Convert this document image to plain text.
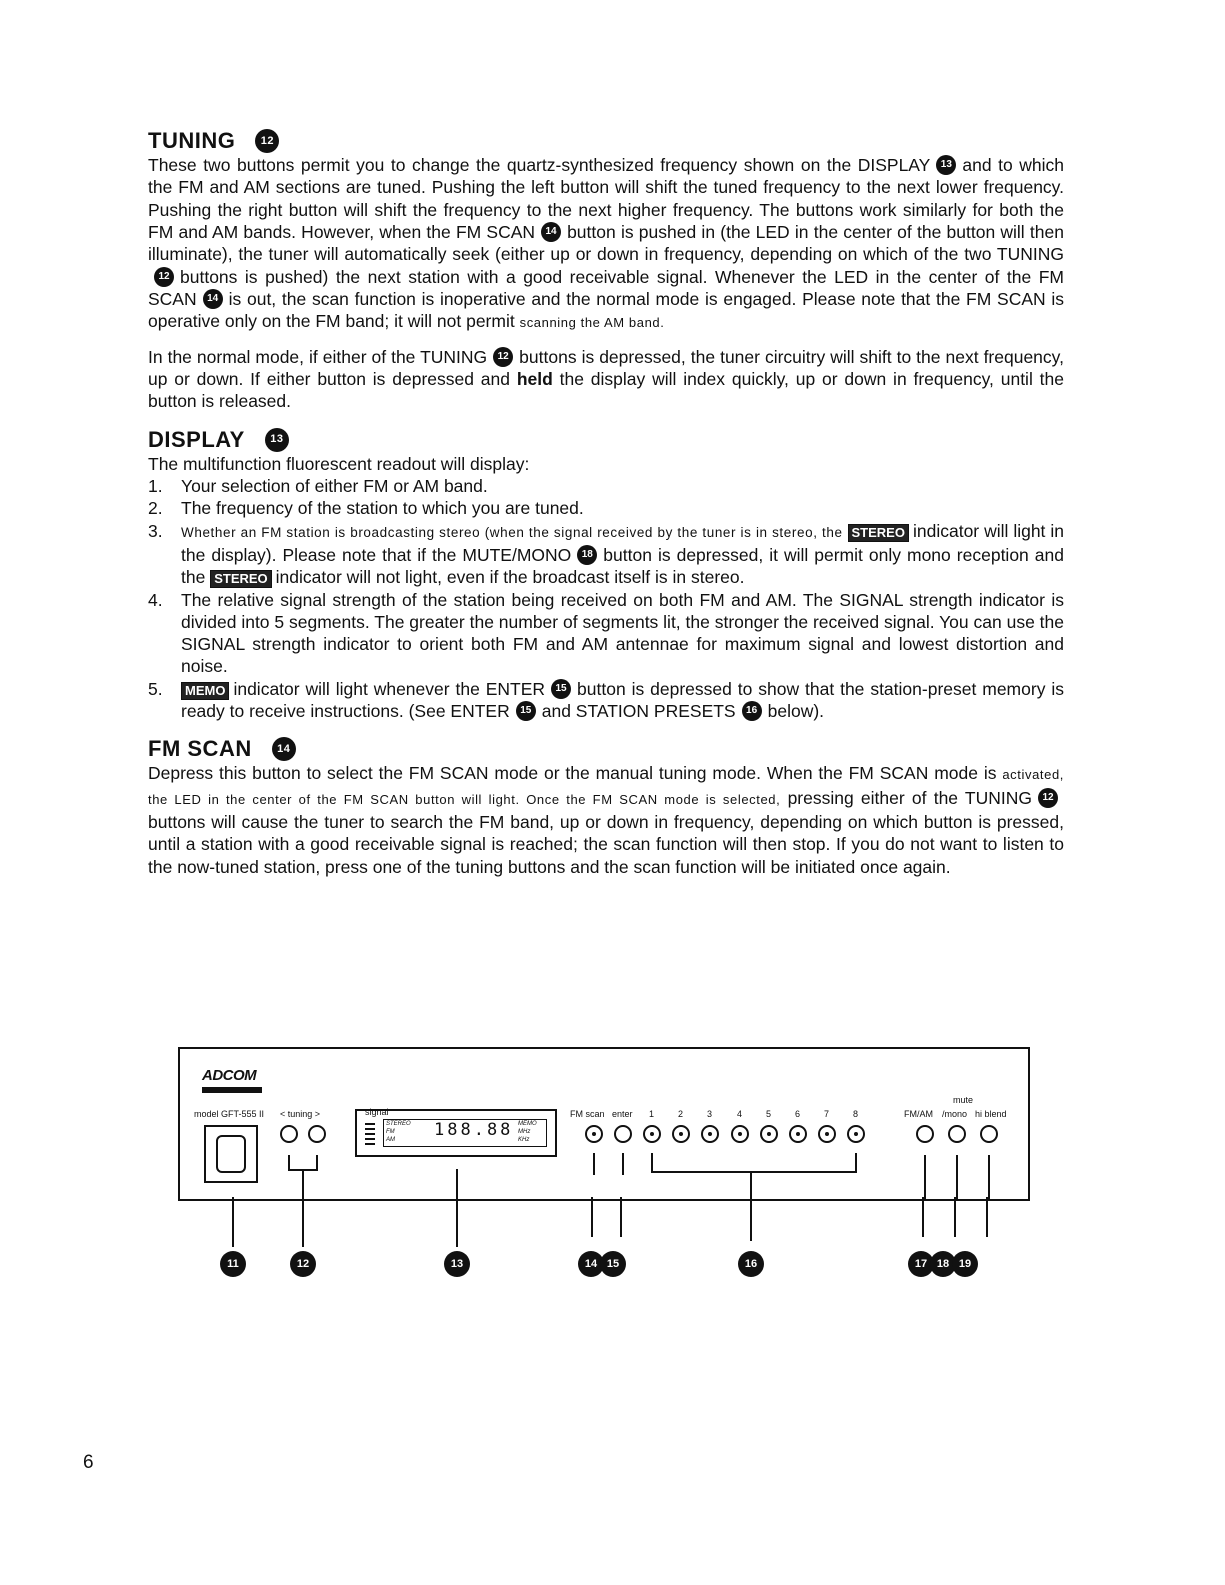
TUNING	12

These two buttons permit you to change the quartz-synthesized frequency shown on the DISPLAY 13 and to which the FM and AM sections are tuned. Pushing the left button will shift the tuned frequency to the next lower frequency. Pushing the right button will shift the frequency to the next higher frequency. The buttons work similarly for both the FM and AM bands. However, when the FM SCAN 14 button is pushed in (the LED in the center of the button will then illuminate), the tuner will automatically seek (either up or down in frequency, depending on which of the two TUNING12 buttons is pushed) the next station with a good receivable signal. Whenever the LED in the center of the FM SCAN 14 is out, the scan function is inoperative and the normal mode is engaged. Please note that the FM SCAN is operative only on the FM band; it will not permit scanning the AM band.

In the normal mode, if either of the TUNING 12 buttons is depressed, the tuner circuitry will shift to the next frequency, up or down. If either button is depressed and held the display will index quickly, up or down in frequency, until the button is released.

DISPLAY	13

The multifunction fluorescent readout will display:

1. Your selection of either FM or AM band.
2. The frequency of the station to which you are tuned.
3. Whether an FM station is broadcasting stereo (when the signal received by the tuner is in stereo, the STEREO indicator will light in the display). Please note that if the MUTE/MONO 18 button is depressed, it will permit only mono reception and the STEREO indicator will not light, even if the broadcast itself is in stereo.
4. The relative signal strength of the station being received on both FM and AM. The SIGNAL strength indicator is divided into 5 segments. The greater the number of segments lit, the stronger the received signal. You can use the SIGNAL strength indicator to orient both FM and AM antennae for maximum signal and lowest distortion and noise.
5. MEMO indicator will light whenever the ENTER 15 button is depressed to show that the station-preset memory is ready to receive instructions. (See ENTER 15 and STATION PRESETS 16 below).
FM SCAN	14

Depress this button to select the FM SCAN mode or the manual tuning mode. When the FM SCAN mode is activated, the LED in the center of the FM SCAN button will light. Once the FM SCAN mode is selected, pressing either of the TUNING 12buttons will cause the tuner to search the FM band, up or down in frequency, depending on which button is pressed, until a station with a good receivable signal is reached; the scan function will then stop. If you do not want to listen to the now-tuned station, press one of the tuning buttons and the scan function will be initiated once again.

ADCOM
model GFT-555 II < tuning >	signal
STEREO
FM
AM 188.88 MEMO
MHz
KHz
FM scan enter
mute
FM/AM /mono hi blend
1	2	3	4	5	6	7	8
11	12	13	14 15	16	17 18 19
6
